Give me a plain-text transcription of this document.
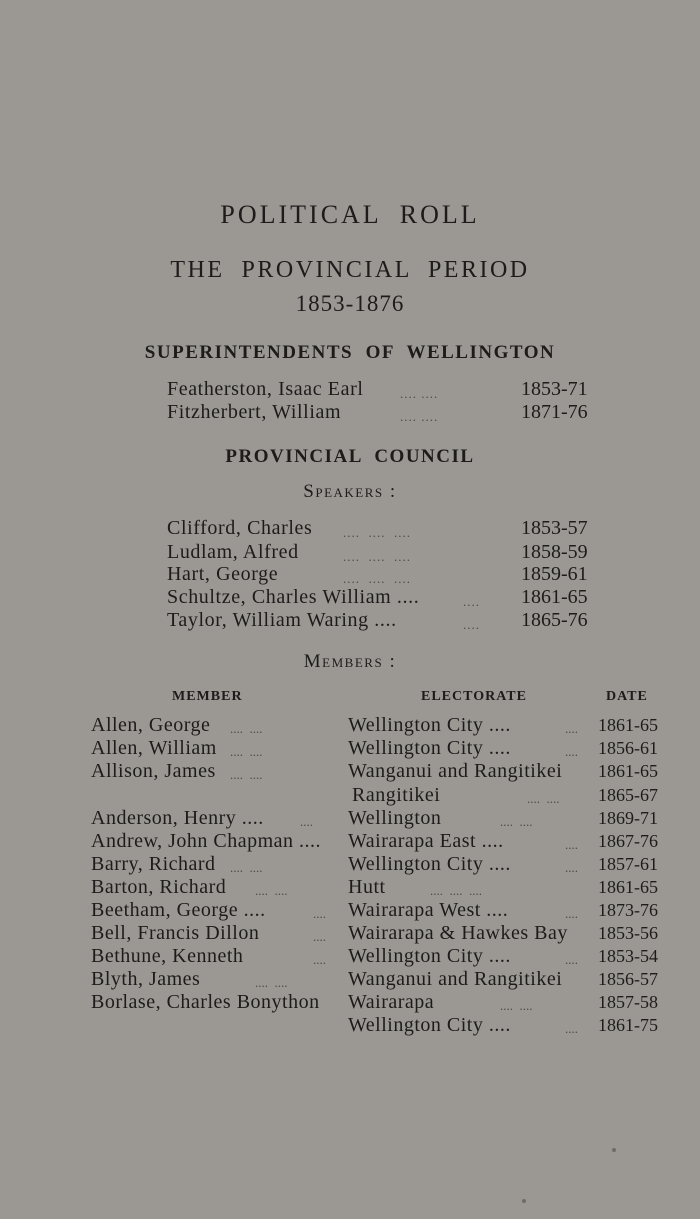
POLITICAL  ROLL
THE  PROVINCIAL  PERIOD
1853-1876
SUPERINTENDENTS  OF  WELLINGTON
Featherston, Isaac Earl	.... ....	1853-71
Fitzherbert, William	.... ....	1871-76
PROVINCIAL  COUNCIL
Speakers :
Clifford, Charles ....  ....  ....	1853-57
Ludlam, Alfred	....  ....  ....	1858-59
Hart, George	....  ....  ....	1859-61
Schultze, Charles William ....	.... 1861-65
Taylor, William Waring ....	.... 1865-76
Members :
MEMBER	ELECTORATE	DATE
Allen, George ....  ....	Wellington City ....	.... 1861-65
Allen, William ....  ....	Wellington City ....	.... 1856-61
Allison, James ....  ....	Wanganui and Rangitikei 1861-65
Rangitikei	....  .... 1865-67
Anderson, Henry ....	.... Wellington	....  ....	1869-71
Andrew, John Chapman .... Wairarapa East ....	.... 1867-76
Barry, Richard ....  ....	Wellington City ....	.... 1857-61
Barton, Richard ....  ....	Hutt	....  ....  ....	1861-65
Beetham, George ....	.... Wairarapa West ....	.... 1873-76
Bell, Francis Dillon	.... Wairarapa & Hawkes Bay 1853-56
Bethune, Kenneth	.... Wellington City ....	.... 1853-54
Blyth, James	....  ....	Wanganui and Rangitikei 1856-57
Borlase, Charles Bonython Wairarapa	....  ....	1857-58
Wellington City ....	.... 1861-75
